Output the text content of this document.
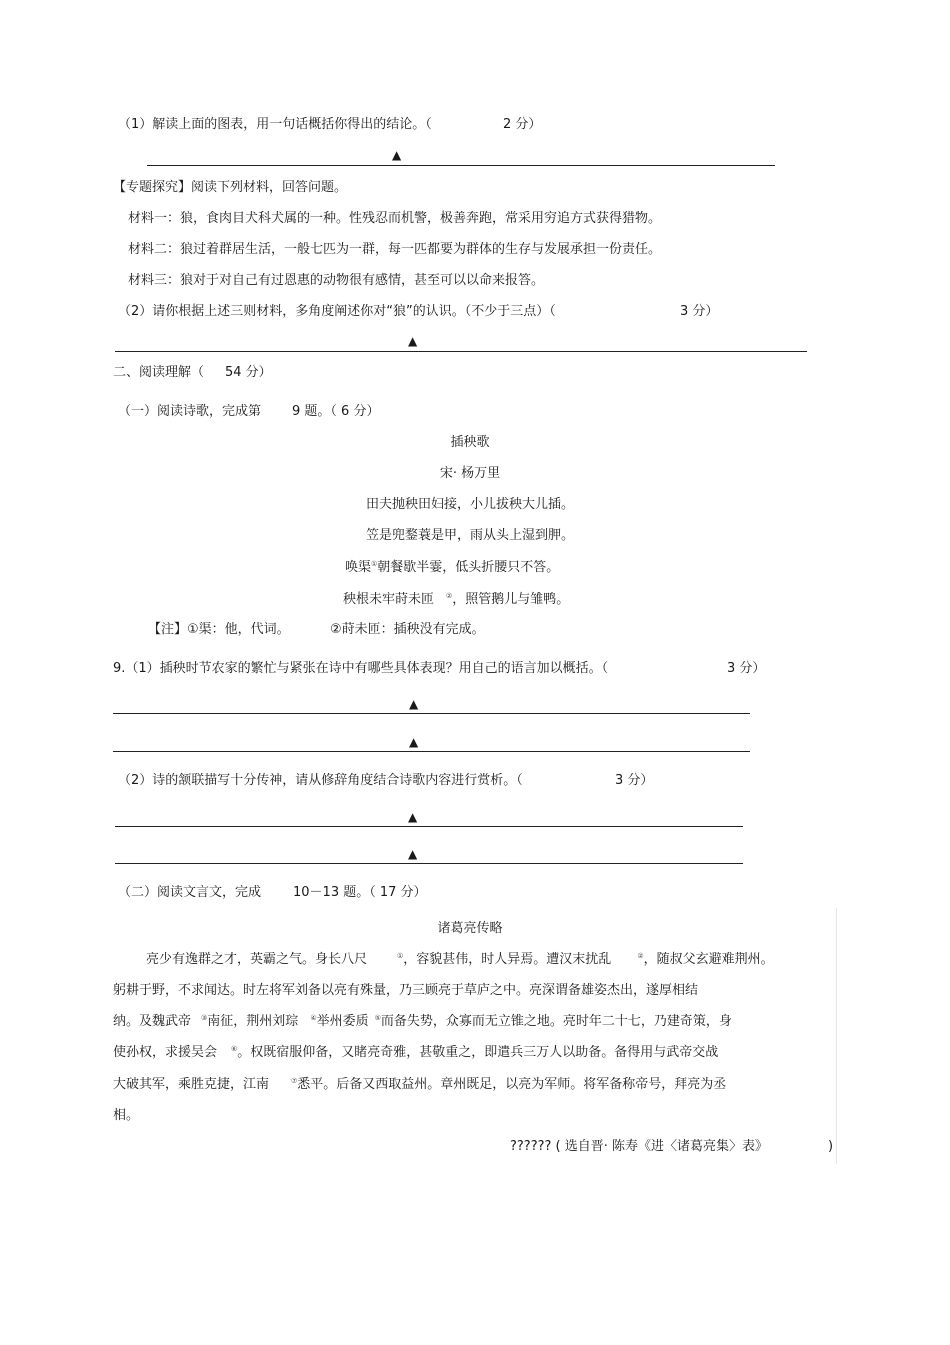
（1）解读上面的图表，用一句话概括你得出的结论。（	2 分）
▲
【专题探究】阅读下列材料，回答问题。
材料一：狼，食肉目犬科犬属的一种。性残忍而机警，极善奔跑，常采用穷追方式获得猎物。
材料二：狼过着群居生活，一般七匹为一群，每一匹都要为群体的生存与发展承担一份责任。
材料三：狼对于对自己有过恩惠的动物很有感情，甚至可以以命来报答。
（2）请你根据上述三则材料，多角度阐述你对“狼”的认识。（不少于三点）（	3 分）
▲
二、阅读理解（ 54 分）
（一）阅读诗歌，完成第 9 题。（ 6 分）
插秧歌
宋· 杨万里
田夫抛秧田妇接，小儿拔秧大儿插。
笠是兜鍪蓑是甲，雨从头上湿到胛。
唤渠①朝餐歇半霎，低头折腰只不答。
秧根未牢莳未匝 ②，照管鹅儿与雏鸭。
【注】①渠：他，代词。	②莳未匝：插秧没有完成。
9.（1）插秧时节农家的繁忙与紧张在诗中有哪些具体表现？用自己的语言加以概括。（	3 分）
▲
▲
（2）诗的颔联描写十分传神，请从修辞角度结合诗歌内容进行赏析。（	3 分）
▲
▲
（二）阅读文言文，完成 10－13 题。（ 17 分）
诸葛亮传略
亮少有逸群之才，英霸之气。身长八尺	①，容貌甚伟，时人异焉。遭汉末扰乱	②，随叔父玄避难荆州。
躬耕于野，不求闻达。时左将军刘备以亮有殊量，乃三顾亮于草庐之中。亮深谓备雄姿杰出，遂厚相结
纳。及魏武帝 ③南征，荆州刘琮 ④举州委质 ⑤而备失势，众寡而无立锥之地。亮时年二十七，乃建奇策，身
使孙权，求援吴会 ⑥。权既宿服仰备，又睹亮奇雅，甚敬重之，即遣兵三万人以助备。备得用与武帝交战
大破其军，乘胜克捷，江南	⑦悉平。后备又西取益州。章州既足，以亮为军师。将军备称帝号，拜亮为丞
相。
?????? ( 选自晋· 陈寿《进〈诸葛亮集〉表》	)
